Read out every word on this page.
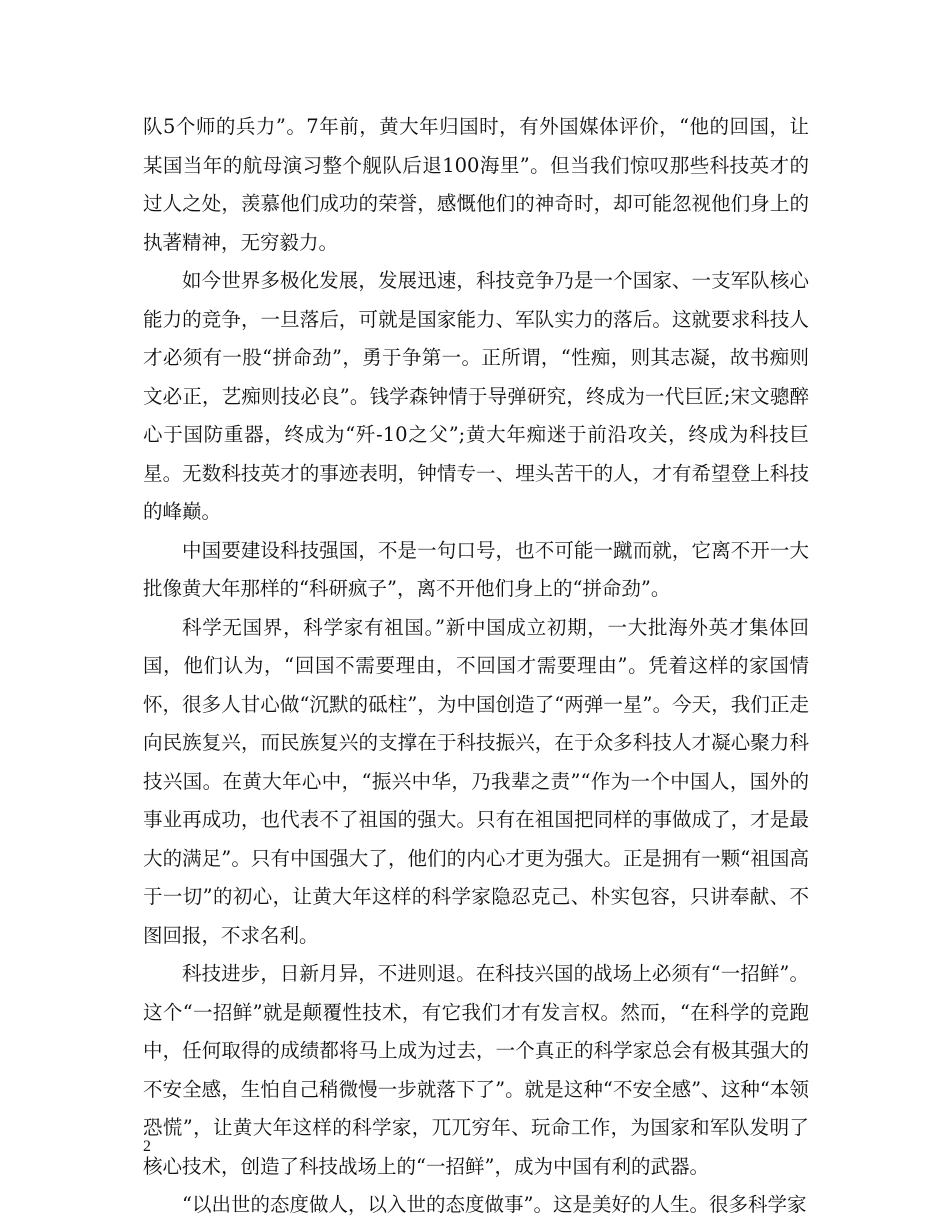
队5个师的兵力”。7年前，黄大年归国时，有外国媒体评价，“他的回国，让某国当年的航母演习整个舰队后退100海里”。但当我们惊叹那些科技英才的过人之处，羡慕他们成功的荣誉，感慨他们的神奇时，却可能忽视他们身上的执著精神，无穷毅力。

如今世界多极化发展，发展迅速，科技竞争乃是一个国家、一支军队核心能力的竞争，一旦落后，可就是国家能力、军队实力的落后。这就要求科技人才必须有一股“拼命劲”，勇于争第一。正所谓，“性痴，则其志凝，故书痴则文必正，艺痴则技必良”。钱学森钟情于导弹研究，终成为一代巨匠;宋文骢醉心于国防重器，终成为“歼-10之父”;黄大年痴迷于前沿攻关，终成为科技巨星。无数科技英才的事迹表明，钟情专一、埋头苦干的人，才有希望登上科技的峰巅。

中国要建设科技强国，不是一句口号，也不可能一蹴而就，它离不开一大批像黄大年那样的“科研疯子”，离不开他们身上的“拼命劲”。

科学无国界，科学家有祖国。”新中国成立初期，一大批海外英才集体回国，他们认为，“回国不需要理由，不回国才需要理由”。凭着这样的家国情怀，很多人甘心做“沉默的砥柱”，为中国创造了“两弹一星”。今天，我们正走向民族复兴，而民族复兴的支撑在于科技振兴，在于众多科技人才凝心聚力科技兴国。在黄大年心中，“振兴中华，乃我辈之责”“作为一个中国人，国外的事业再成功，也代表不了祖国的强大。只有在祖国把同样的事做成了，才是最大的满足”。只有中国强大了，他们的内心才更为强大。正是拥有一颗“祖国高于一切”的初心，让黄大年这样的科学家隐忍克己、朴实包容，只讲奉献、不图回报，不求名利。

科技进步，日新月异，不进则退。在科技兴国的战场上必须有“一招鲜”。这个“一招鲜”就是颠覆性技术，有它我们才有发言权。然而，“在科学的竞跑中，任何取得的成绩都将马上成为过去，一个真正的科学家总会有极其强大的不安全感，生怕自己稍微慢一步就落下了”。就是这种“不安全感”、这种“本领恐慌”，让黄大年这样的科学家，兀兀穷年、玩命工作，为国家和军队发明了核心技术，创造了科技战场上的“一招鲜”，成为中国有利的武器。

“以出世的态度做人，以入世的态度做事”。这是美好的人生。很多科学家

2
